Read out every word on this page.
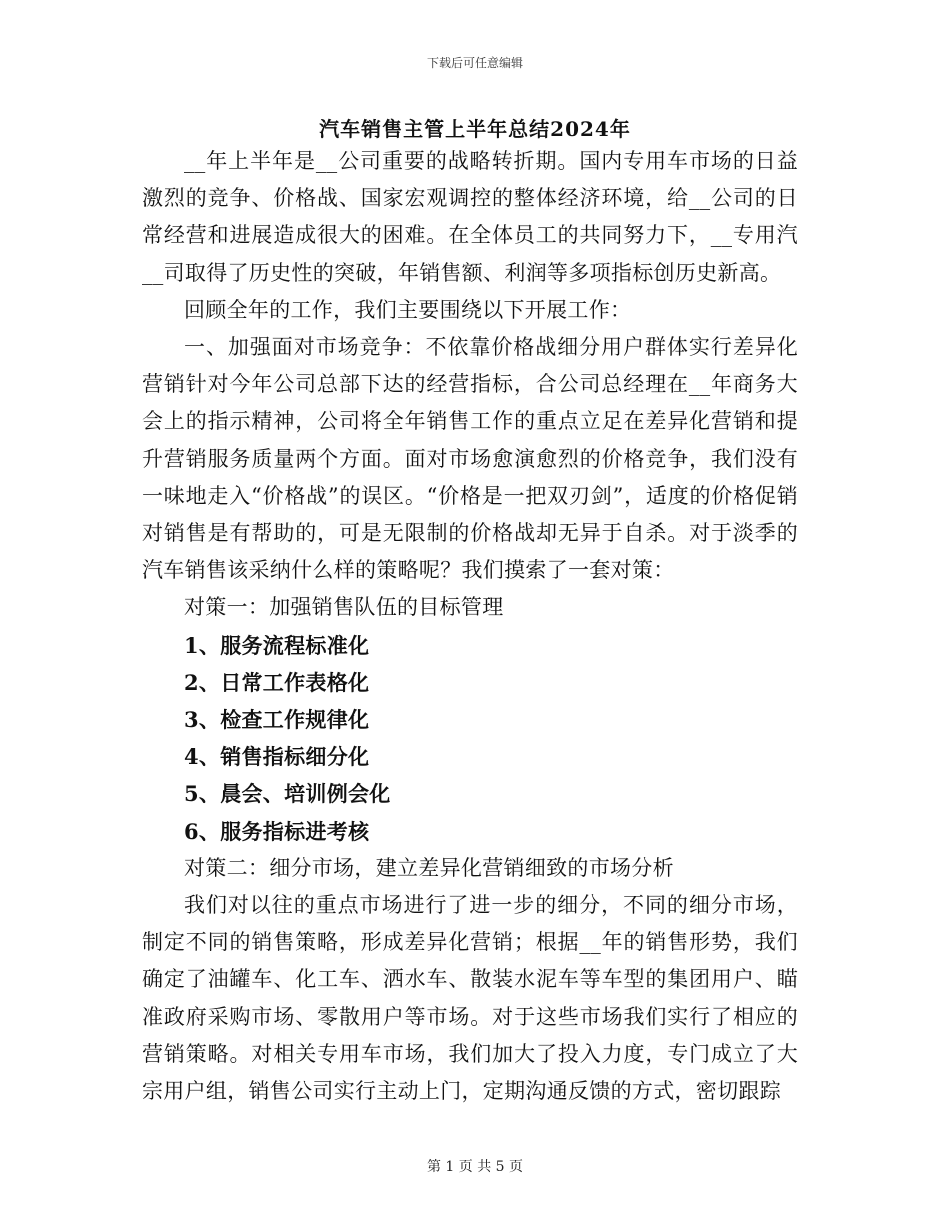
下载后可任意编辑
汽车销售主管上半年总结2024年

__年上半年是__公司重要的战略转折期。国内专用车市场的日益激烈的竞争、价格战、国家宏观调控的整体经济环境，给__公司的日常经营和进展造成很大的困难。在全体员工的共同努力下，__专用汽__司取得了历史性的突破，年销售额、利润等多项指标创历史新高。

回顾全年的工作，我们主要围绕以下开展工作：

一、加强面对市场竞争：不依靠价格战细分用户群体实行差异化营销针对今年公司总部下达的经营指标，合公司总经理在__年商务大会上的指示精神，公司将全年销售工作的重点立足在差异化营销和提升营销服务质量两个方面。面对市场愈演愈烈的价格竞争，我们没有一味地走入“价格战”的误区。“价格是一把双刃剑”，适度的价格促销对销售是有帮助的，可是无限制的价格战却无异于自杀。对于淡季的汽车销售该采纳什么样的策略呢？我们摸索了一套对策：

对策一：加强销售队伍的目标管理

1、服务流程标准化
2、日常工作表格化
3、检查工作规律化
4、销售指标细分化
5、晨会、培训例会化
6、服务指标进考核

对策二：细分市场，建立差异化营销细致的市场分析

我们对以往的重点市场进行了进一步的细分，不同的细分市场，制定不同的销售策略，形成差异化营销；根据__年的销售形势，我们确定了油罐车、化工车、洒水车、散装水泥车等车型的集团用户、瞄准政府采购市场、零散用户等市场。对于这些市场我们实行了相应的营销策略。对相关专用车市场，我们加大了投入力度，专门成立了大宗用户组，销售公司实行主动上门，定期沟通反馈的方式，密切跟踪

第 1 页 共 5 页
